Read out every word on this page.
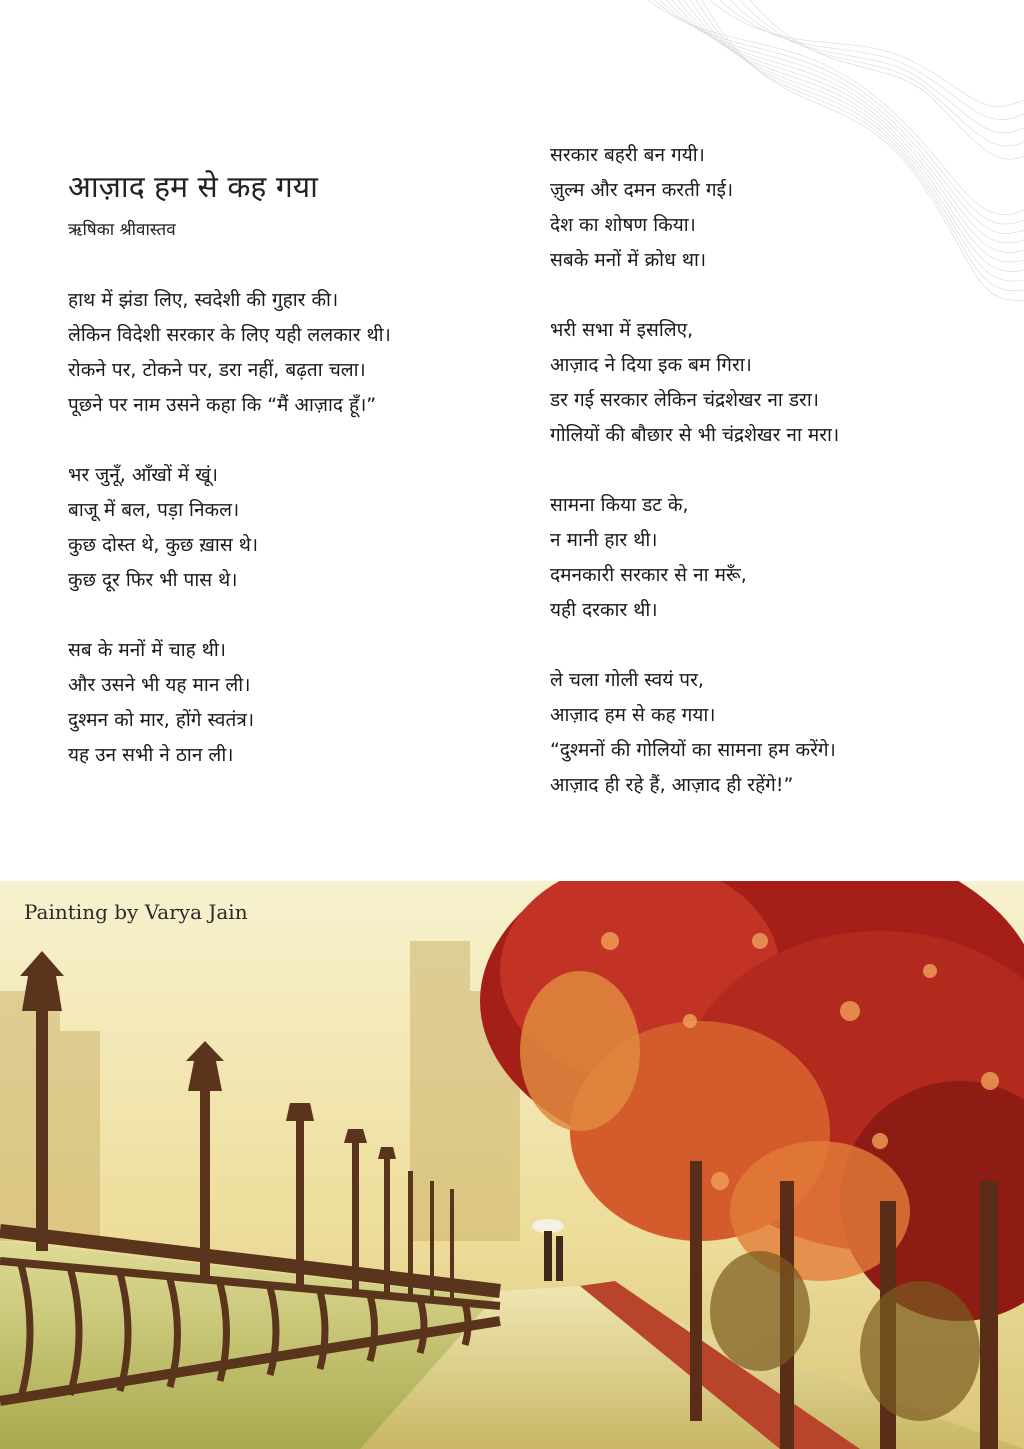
आज़ाद हम से कह गया
ऋषिका श्रीवास्तव

हाथ में झंडा लिए, स्वदेशी की गुहार की।
लेकिन विदेशी सरकार के लिए यही ललकार थी।
रोकने पर, टोकने पर, डरा नहीं, बढ़ता चला।
पूछने पर नाम उसने कहा कि “मैं आज़ाद हूँ।”

भर जुनूँ, आँखों में खूं।
बाजू में बल, पड़ा निकल।
कुछ दोस्त थे, कुछ ख़ास थे।
कुछ दूर फिर भी पास थे।

सब के मनों में चाह थी।
और उसने भी यह मान ली।
दुश्मन को मार, होंगे स्वतंत्र।
यह उन सभी ने ठान ली।

सरकार बहरी बन गयी।
ज़ुल्म और दमन करती गई।
देश का शोषण किया।
सबके मनों में क्रोध था।

भरी सभा में इसलिए,
आज़ाद ने दिया इक बम गिरा।
डर गई सरकार लेकिन चंद्रशेखर ना डरा।
गोलियों की बौछार से भी चंद्रशेखर ना मरा।

सामना किया डट के,
न मानी हार थी।
दमनकारी सरकार से ना मरूँ,
यही दरकार थी।

ले चला गोली स्वयं पर,
आज़ाद हम से कह गया।
“दुश्मनों की गोलियों का सामना हम करेंगे।
आज़ाद ही रहे हैं, आज़ाद ही रहेंगे!”

Painting by Varya Jain
